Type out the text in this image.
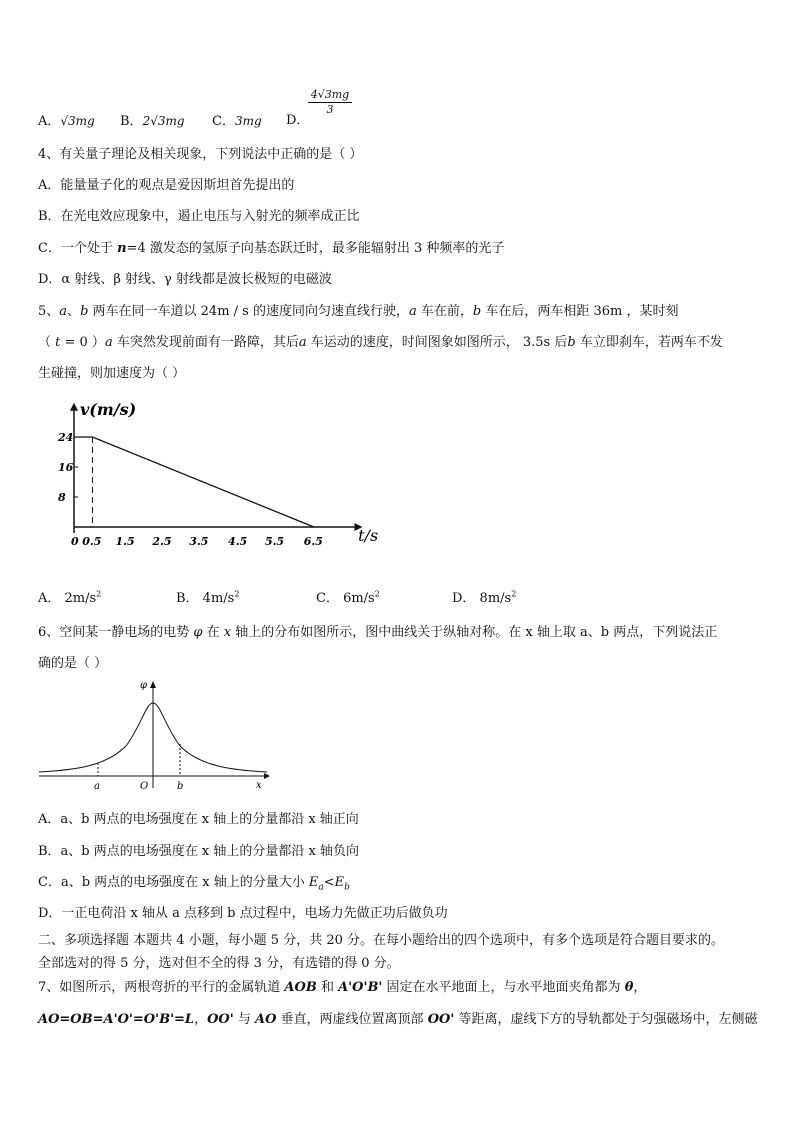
A．√3mg B．2√3mg C．3mg D．
$\frac{4√3mg}{3}$
4、有关量子理论及相关现象，下列说法中正确的是（ ）
A．能量量子化的观点是爱因斯坦首先提出的
B．在光电效应现象中，遏止电压与入射光的频率成正比
C．一个处于 n=4 激发态的氢原子向基态跃迁时，最多能辐射出 3 种频率的光子
D．α 射线、β 射线、γ 射线都是波长极短的电磁波
5、a、b 两车在同一车道以 24m / s 的速度同向匀速直线行驶，a 车在前，b 车在后，两车相距 36m ，某时刻
（ t = 0 ）a 车突然发现前面有一路障，其后a 车运动的速度，时间图象如图所示， 3.5s 后b 车立即刹车，若两车不发
生碰撞，则加速度为（ ）
v(m/s)
t/s
24
16
8
0 0.5 1.5 2.5 3.5 4.5 5.5 6.5
A． $2m/s^2$	B． $4m/s^2$	C． $6m/s^2$	D． $8m/s^2$
6、空间某一静电场的电势 φ 在 x 轴上的分布如图所示，图中曲线关于纵轴对称。在 x 轴上取 a、b 两点，下列说法正
确的是（ ）
φ
a	O	b	x
A．a、b 两点的电场强度在 x 轴上的分量都沿 x 轴正向
B．a、b 两点的电场强度在 x 轴上的分量都沿 x 轴负向
C．a、b 两点的电场强度在 x 轴上的分量大小 $E_a<E_b$
D．一正电荷沿 x 轴从 a 点移到 b 点过程中，电场力先做正功后做负功
二、多项选择题 本题共 4 小题，每小题 5 分，共 20 分。在每小题给出的四个选项中，有多个选项是符合题目要求的。
全部选对的得 5 分，选对但不全的得 3 分，有选错的得 0 分。
7、如图所示，两根弯折的平行的金属轨道 AOB 和 A'O'B' 固定在水平地面上，与水平地面夹角都为 θ，
AO=OB=A'O'=O'B'=L，OO' 与 AO 垂直，两虚线位置离顶部 OO' 等距离，虚线下方的导轨都处于匀强磁场中，左侧磁
